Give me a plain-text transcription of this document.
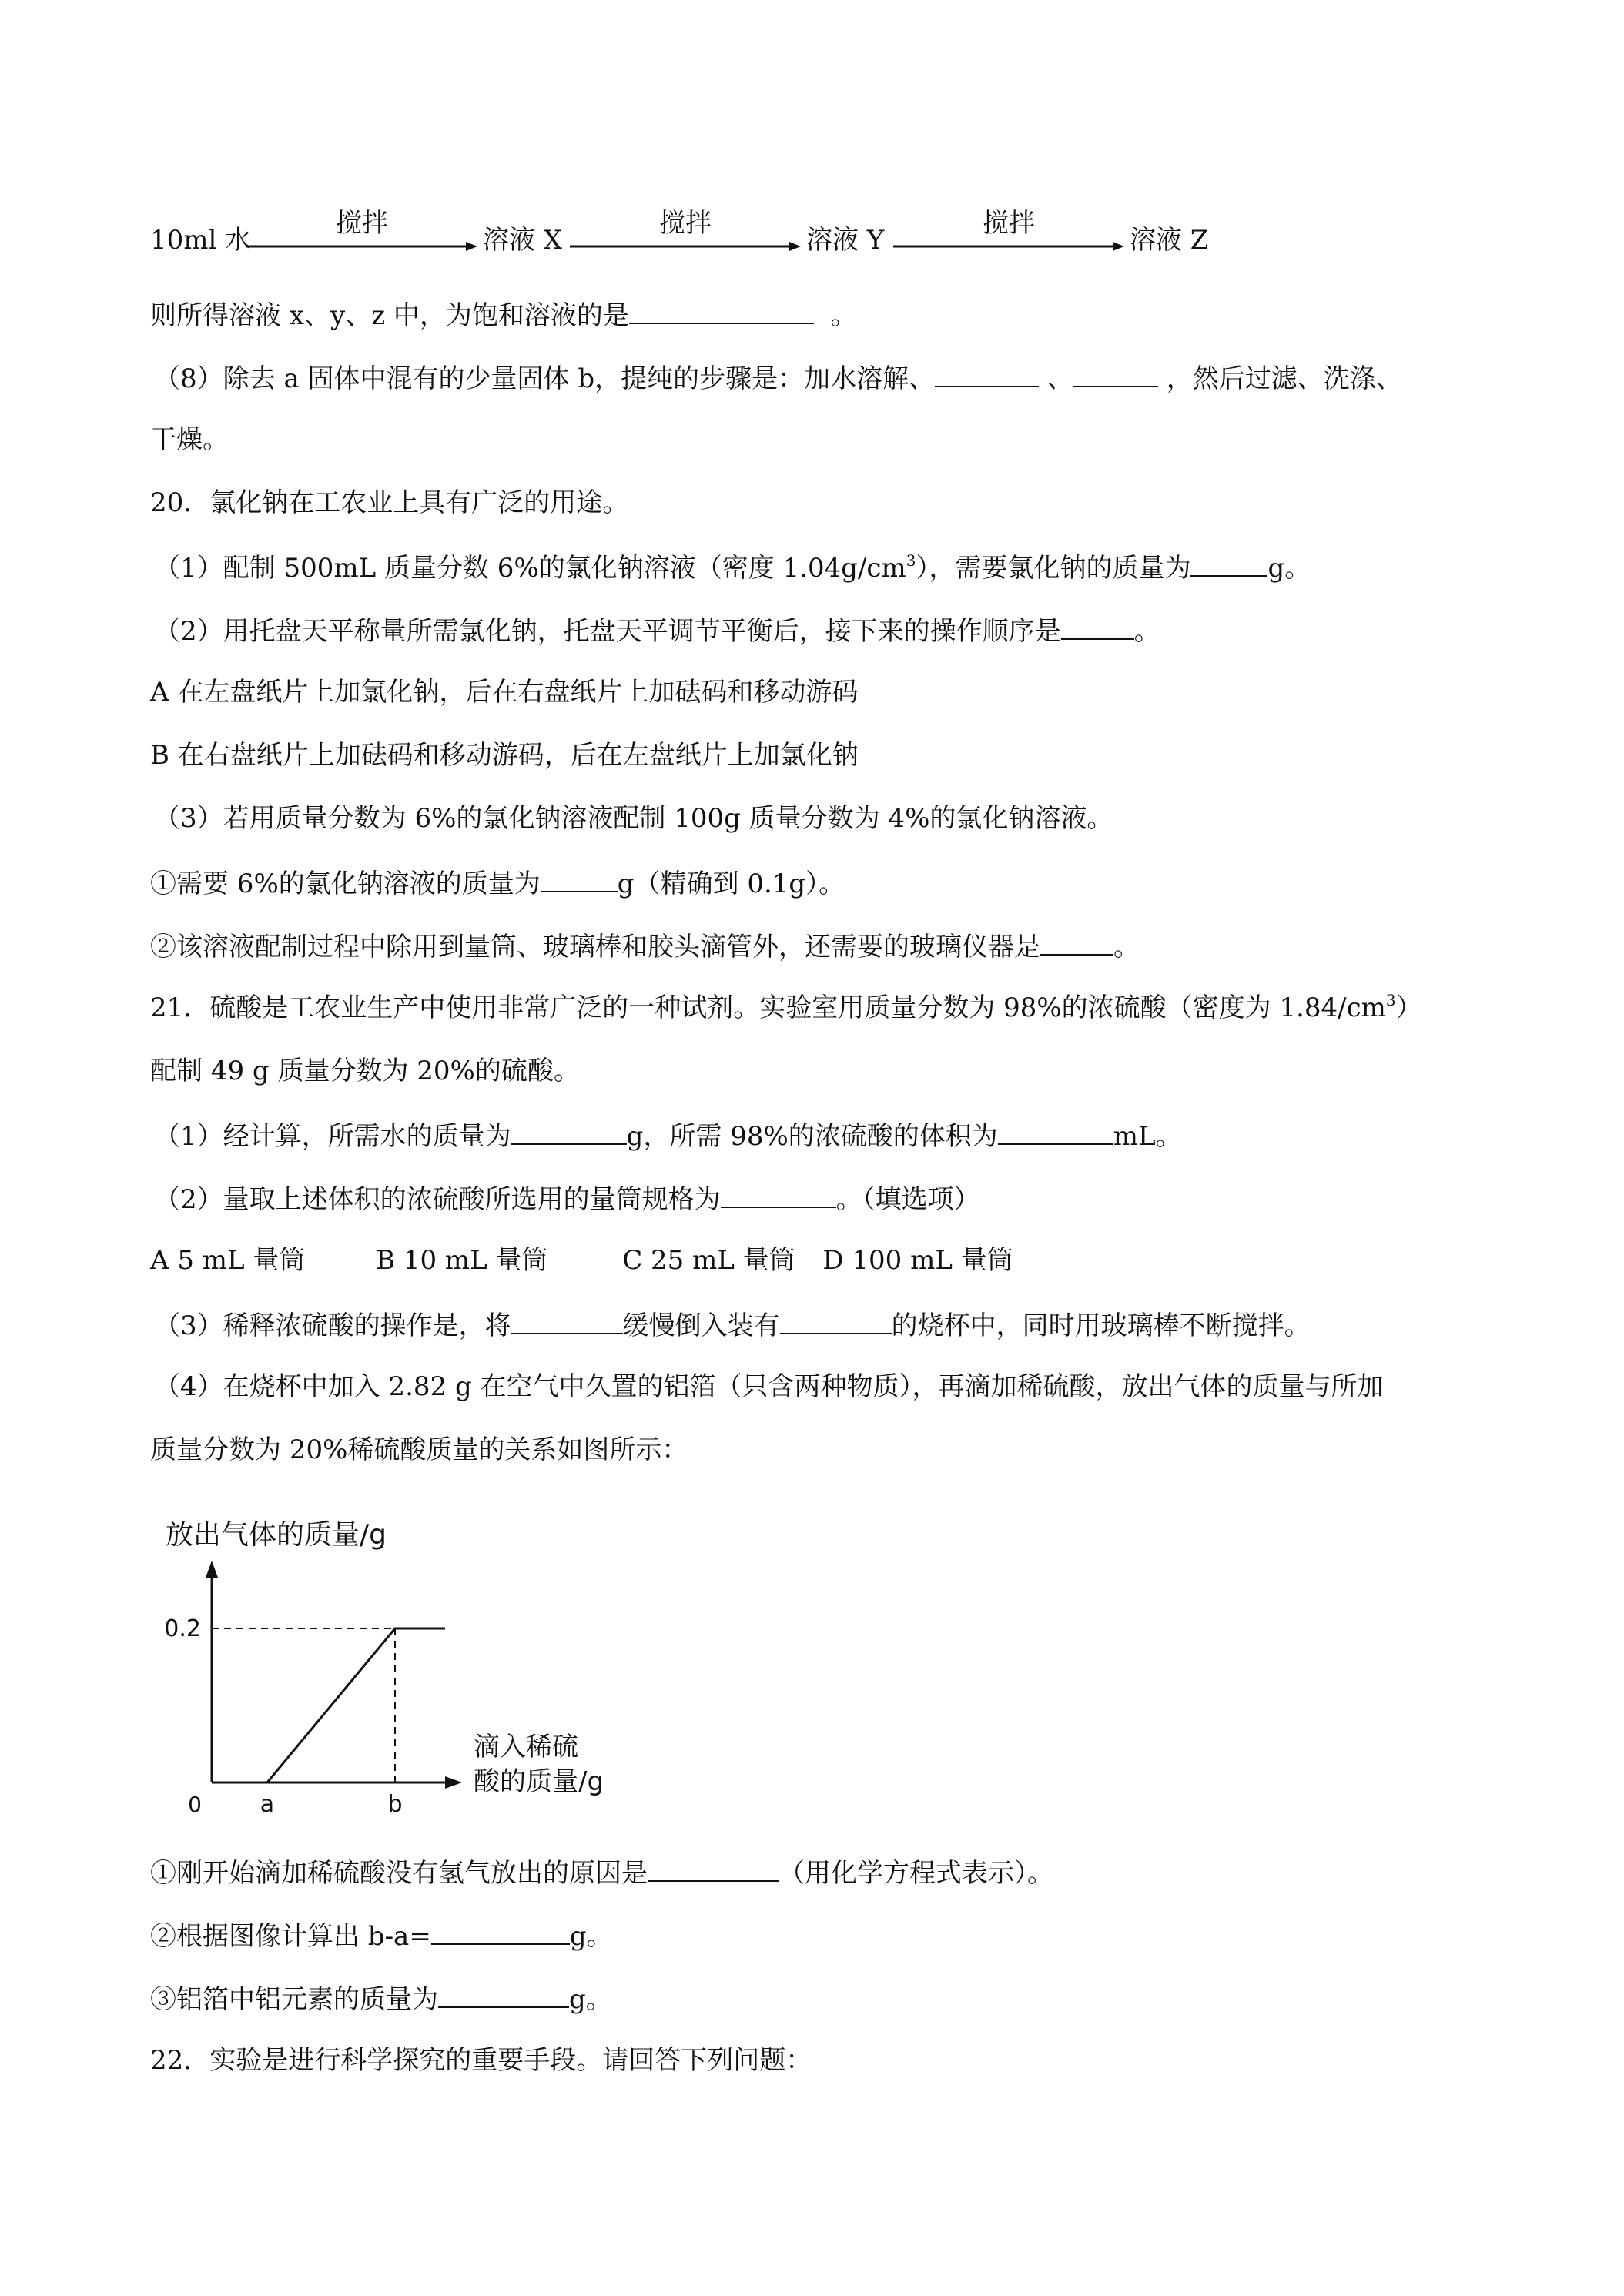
10ml 水
搅拌
溶液 X
搅拌
溶液 Y
搅拌
溶液 Z
则所得溶液 x、y、z 中，为饱和溶液的是	。
（8）除去 a 固体中混有的少量固体 b，提纯的步骤是：加水溶解、	、	，然后过滤、洗涤、
干燥。
20．氯化钠在工农业上具有广泛的用途。
（1）配制 500mL 质量分数 6%的氯化钠溶液（密度 $1.04g/cm^3$），需要氯化钠的质量为	g。
（2）用托盘天平称量所需氯化钠，托盘天平调节平衡后，接下来的操作顺序是	。
A 在左盘纸片上加氯化钠，后在右盘纸片上加砝码和移动游码
B 在右盘纸片上加砝码和移动游码，后在左盘纸片上加氯化钠
（3）若用质量分数为 6%的氯化钠溶液配制 100g 质量分数为 4%的氯化钠溶液。
①需要 6%的氯化钠溶液的质量为	g（精确到 0.1g）。
②该溶液配制过程中除用到量筒、玻璃棒和胶头滴管外，还需要的玻璃仪器是	。
21．硫酸是工农业生产中使用非常广泛的一种试剂。实验室用质量分数为 98%的浓硫酸（密度为 $1.84/cm^3$）
配制 49 g 质量分数为 20%的硫酸。
（1）经计算，所需水的质量为	g，所需 98%的浓硫酸的体积为	mL。
（2）量取上述体积的浓硫酸所选用的量筒规格为	。（填选项）
A 5 mL 量筒	B 10 mL 量筒	C 25 mL 量筒 D 100 mL 量筒
（3）稀释浓硫酸的操作是，将	缓慢倒入装有	的烧杯中，同时用玻璃棒不断搅拌。
（4）在烧杯中加入 2.82 g 在空气中久置的铝箔（只含两种物质），再滴加稀硫酸，放出气体的质量与所加
质量分数为 20%稀硫酸质量的关系如图所示：
放出气体的质量/g
滴入稀硫
酸的质量/g
0
0.2
a	b
①刚开始滴加稀硫酸没有氢气放出的原因是	（用化学方程式表示）。
②根据图像计算出 b-a=	g。
③铝箔中铝元素的质量为	g。
22．实验是进行科学探究的重要手段。请回答下列问题：
